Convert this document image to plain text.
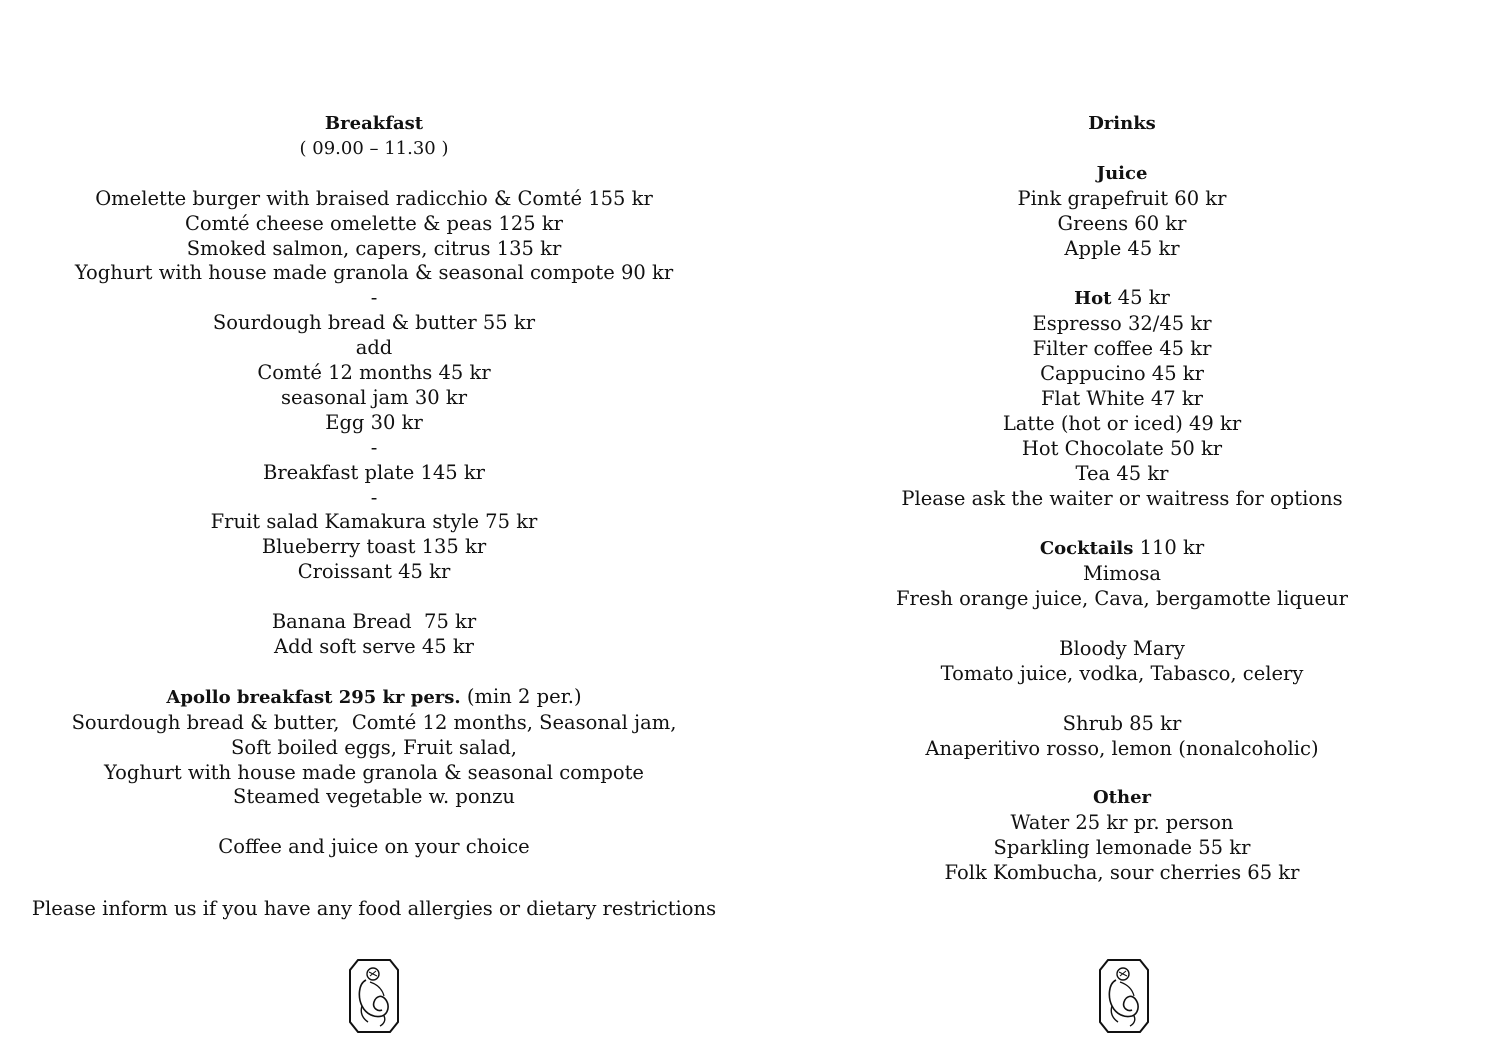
Breakfast
( 09.00 – 11.30 )
Omelette burger with braised radicchio & Comté 155 kr
Comté cheese omelette & peas 125 kr
Smoked salmon, capers, citrus 135 kr
Yoghurt with house made granola & seasonal compote 90 kr
-
Sourdough bread & butter 55 kr
add
Comté 12 months 45 kr
seasonal jam 30 kr
Egg 30 kr
-
Breakfast plate 145 kr
-
Fruit salad Kamakura style 75 kr
Blueberry toast 135 kr
Croissant 45 kr
Banana Bread  75 kr
Add soft serve 45 kr
Apollo breakfast 295 kr pers. (min 2 per.)
Sourdough bread & butter,  Comté 12 months, Seasonal jam,
Soft boiled eggs, Fruit salad,
Yoghurt with house made granola & seasonal compote
Steamed vegetable w. ponzu
Coffee and juice on your choice
Please inform us if you have any food allergies or dietary restrictions
Drinks
Juice
Pink grapefruit 60 kr
Greens 60 kr
Apple 45 kr
Hot 45 kr
Espresso 32/45 kr
Filter coffee 45 kr
Cappucino 45 kr
Flat White 47 kr
Latte (hot or iced) 49 kr
Hot Chocolate 50 kr
Tea 45 kr
Please ask the waiter or waitress for options
Cocktails 110 kr
Mimosa
Fresh orange juice, Cava, bergamotte liqueur
Bloody Mary
Tomato juice, vodka, Tabasco, celery
Shrub 85 kr
Anaperitivo rosso, lemon (nonalcoholic)
Other
Water 25 kr pr. person
Sparkling lemonade 55 kr
Folk Kombucha, sour cherries 65 kr
